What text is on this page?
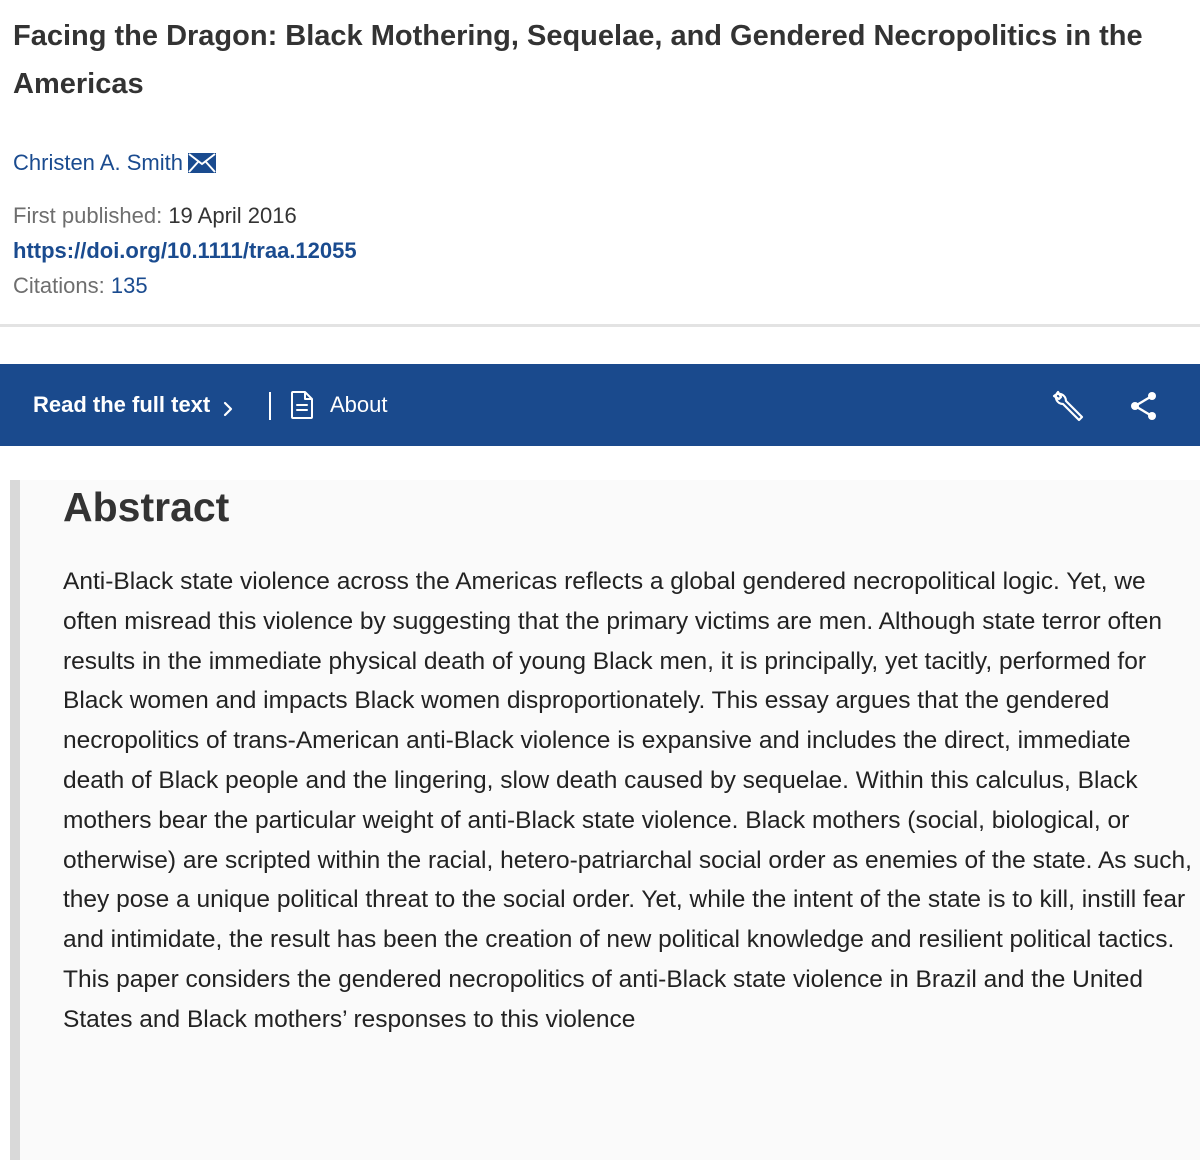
Facing the Dragon: Black Mothering, Sequelae, and Gendered Necropolitics in the Americas
Christen A. Smith
First published: 19 April 2016
https://doi.org/10.1111/traa.12055
Citations: 135
Read the full text	About
Abstract

Anti-Black state violence across the Americas reflects a global gendered necropolitical logic. Yet, we often misread this violence by suggesting that the primary victims are men. Although state terror often results in the immediate physical death of young Black men, it is principally, yet tacitly, performed for Black women and impacts Black women disproportionately. This essay argues that the gendered necropolitics of trans-American anti-Black violence is expansive and includes the direct, immediate death of Black people and the lingering, slow death caused by sequelae. Within this calculus, Black mothers bear the particular weight of anti-Black state violence. Black mothers (social, biological, or otherwise) are scripted within the racial, hetero-patriarchal social order as enemies of the state. As such, they pose a unique political threat to the social order. Yet, while the intent of the state is to kill, instill fear and intimidate, the result has been the creation of new political knowledge and resilient political tactics. This paper considers the gendered necropolitics of anti-Black state violence in Brazil and the United States and Black mothers’ responses to this violence
